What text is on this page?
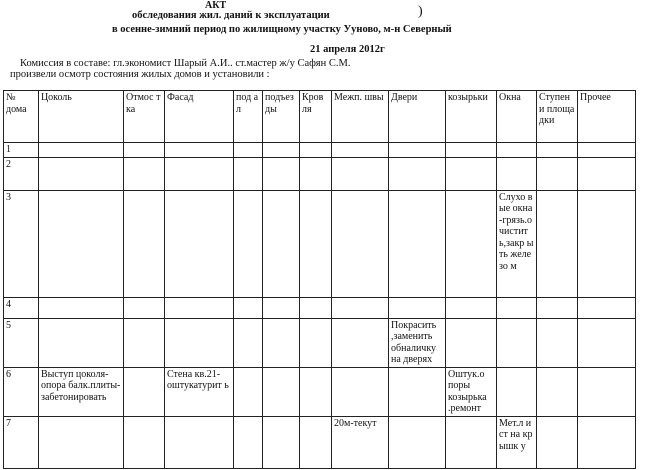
АКТ
обследования жил. даний к эксплуатации	)
в осенне-зимний период по жилищному участку Ууново, м-н Северный
21 апреля 2012г
Комиссия в составе: гл.экономист Шарый А.И.. ст.мастер ж/у Сафян С.М.
произвели осмотр состояния жилых домов и установили :
№ дома	Цоколь	Отмос тка	Фасад	под ал	подъез ды	Кров ля	Межп. швы	Двери	козырьки	Окна	Ступен и площа дки	Прочее
1												
2												
3										Слухо вые окна-грязь.о чистит ь,закр ыть железо м		
4												
5								Покрасить ,заменить обналичку на дверях				
6	Выступ цоколя-опора балк.плиты-забетонировать		Стена кв.21-оштукатурит ь						Оштук.о поры козырька .ремонт			
7							20м-текут			Мет.л ист на крышк у		
